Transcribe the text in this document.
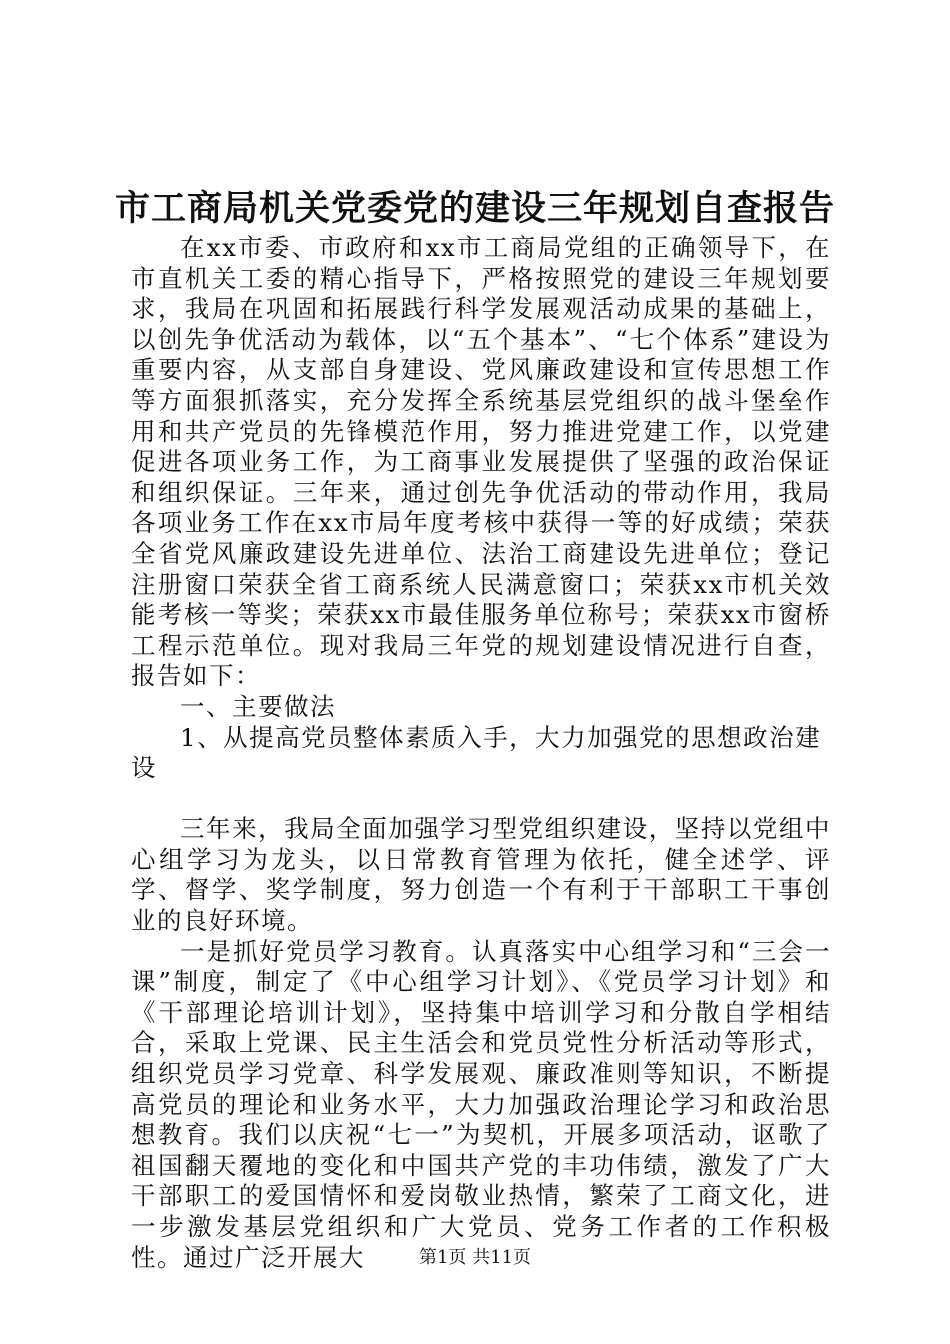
市工商局机关党委党的建设三年规划自查报告

在xx市委、市政府和xx市工商局党组的正确领导下，在市直机关工委的精心指导下，严格按照党的建设三年规划要求，我局在巩固和拓展践行科学发展观活动成果的基础上，以创先争优活动为载体，以“五个基本”、“七个体系”建设为重要内容，从支部自身建设、党风廉政建设和宣传思想工作等方面狠抓落实，充分发挥全系统基层党组织的战斗堡垒作用和共产党员的先锋模范作用，努力推进党建工作，以党建促进各项业务工作，为工商事业发展提供了坚强的政治保证和组织保证。三年来，通过创先争优活动的带动作用，我局各项业务工作在xx市局年度考核中获得一等的好成绩；荣获全省党风廉政建设先进单位、法治工商建设先进单位；登记注册窗口荣获全省工商系统人民满意窗口；荣获xx市机关效能考核一等奖；荣获xx市最佳服务单位称号；荣获xx市窗桥工程示范单位。现对我局三年党的规划建设情况进行自查，报告如下：

一、主要做法

1、从提高党员整体素质入手，大力加强党的思想政治建设

三年来，我局全面加强学习型党组织建设，坚持以党组中心组学习为龙头，以日常教育管理为依托，健全述学、评学、督学、奖学制度，努力创造一个有利于干部职工干事创业的良好环境。

一是抓好党员学习教育。认真落实中心组学习和“三会一课”制度，制定了《中心组学习计划》、《党员学习计划》和《干部理论培训计划》，坚持集中培训学习和分散自学相结合，采取上党课、民主生活会和党员党性分析活动等形式，组织党员学习党章、科学发展观、廉政准则等知识，不断提高党员的理论和业务水平，大力加强政治理论学习和政治思想教育。我们以庆祝“七一”为契机，开展多项活动，讴歌了祖国翻天覆地的变化和中国共产党的丰功伟绩，激发了广大干部职工的爱国情怀和爱岗敬业热情，繁荣了工商文化，进一步激发基层党组织和广大党员、党务工作者的工作积极性。通过广泛开展大	第1页 共11页
